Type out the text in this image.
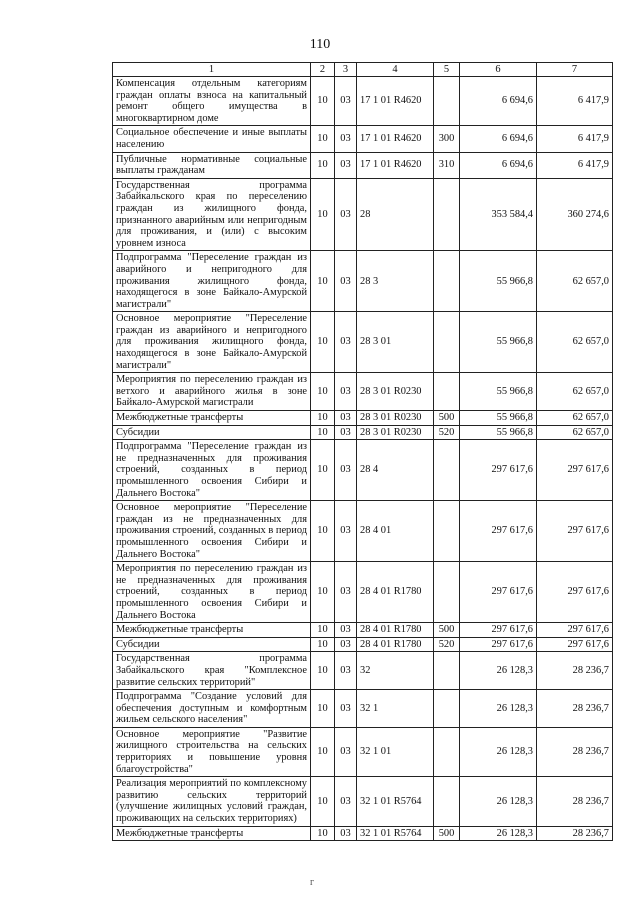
110
1	2	3	4	5	6	7
Компенсация отдельным категориям граждан оплаты взноса на капитальный ремонт общего имущества в многоквартирном доме	10	03	17 1 01 R4620		6 694,6	6 417,9
Социальное обеспечение и иные выплаты населению	10	03	17 1 01 R4620	300	6 694,6	6 417,9
Публичные нормативные социальные выплаты гражданам	10	03	17 1 01 R4620	310	6 694,6	6 417,9
Государственная программа Забайкальского края по переселению граждан из жилищного фонда, признанного аварийным или непригодным для проживания, и (или) с высоким уровнем износа	10	03	28		353 584,4	360 274,6
Подпрограмма "Переселение граждан из аварийного и непригодного для проживания жилищного фонда, находящегося в зоне Байкало-Амурской магистрали"	10	03	28 3		55 966,8	62 657,0
Основное мероприятие "Переселение граждан из аварийного и непригодного для проживания жилищного фонда, находящегося в зоне Байкало-Амурской магистрали"	10	03	28 3 01		55 966,8	62 657,0
Мероприятия по переселению граждан из ветхого и аварийного жилья в зоне Байкало-Амурской магистрали	10	03	28 3 01 R0230		55 966,8	62 657,0
Межбюджетные трансферты	10	03	28 3 01 R0230	500	55 966,8	62 657,0
Субсидии	10	03	28 3 01 R0230	520	55 966,8	62 657,0
Подпрограмма "Переселение граждан из не предназначенных для проживания строений, созданных в период промышленного освоения Сибири и Дальнего Востока"	10	03	28 4		297 617,6	297 617,6
Основное мероприятие "Переселение граждан из не предназначенных для проживания строений, созданных в период промышленного освоения Сибири и Дальнего Востока"	10	03	28 4 01		297 617,6	297 617,6
Мероприятия по переселению граждан из не предназначенных для проживания строений, созданных в период промышленного освоения Сибири и Дальнего Востока	10	03	28 4 01 R1780		297 617,6	297 617,6
Межбюджетные трансферты	10	03	28 4 01 R1780	500	297 617,6	297 617,6
Субсидии	10	03	28 4 01 R1780	520	297 617,6	297 617,6
Государственная программа Забайкальского края "Комплексное развитие сельских территорий"	10	03	32		26 128,3	28 236,7
Подпрограмма "Создание условий для обеспечения доступным и комфортным жильем сельского населения"	10	03	32 1		26 128,3	28 236,7
Основное мероприятие "Развитие жилищного строительства на сельских территориях и повышение уровня благоустройства"	10	03	32 1 01		26 128,3	28 236,7
Реализация мероприятий по комплексному развитию сельских территорий (улучшение жилищных условий граждан, проживающих на сельских территориях)	10	03	32 1 01 R5764		26 128,3	28 236,7
Межбюджетные трансферты	10	03	32 1 01 R5764	500	26 128,3	28 236,7
г
